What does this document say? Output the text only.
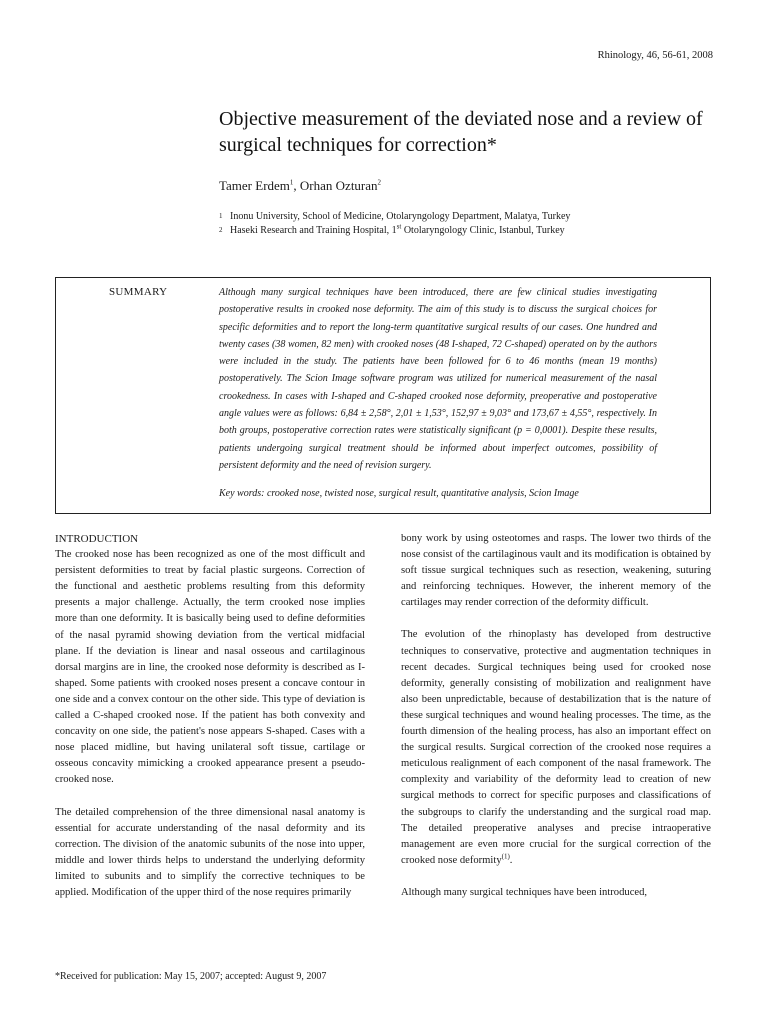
Rhinology, 46, 56-61, 2008
Objective measurement of the deviated nose and a review of surgical techniques for correction*
Tamer Erdem$^1$, Orhan Ozturan$^2$
1 Inonu University, School of Medicine, Otolaryngology Department, Malatya, Turkey
2 Haseki Research and Training Hospital, 1st Otolaryngology Clinic, Istanbul, Turkey
SUMMARY	Although many surgical techniques have been introduced, there are few clinical studies investigating postoperative results in crooked nose deformity. The aim of this study is to discuss the surgical choices for specific deformities and to report the long-term quantitative surgical results of our cases. One hundred and twenty cases (38 women, 82 men) with crooked noses (48 I-shaped, 72 C-shaped) operated on by the authors were included in the study. The patients have been followed for 6 to 46 months (mean 19 months) postoperatively. The Scion Image software program was utilized for numerical measurement of the nasal crookedness. In cases with I-shaped and C-shaped crooked nose deformity, preoperative and postoperative angle values were as follows: 6,84 ± 2,58°, 2,01 ± 1,53°, 152,97 ± 9,03° and 173,67 ± 4,55°, respectively. In both groups, postoperative correction rates were statistically significant (p = 0,0001). Despite these results, patients undergoing surgical treatment should be informed about imperfect outcomes, possibility of persistent deformity and the need of revision surgery.
Key words: crooked nose, twisted nose, surgical result, quantitative analysis, Scion Image
INTRODUCTION

The crooked nose has been recognized as one of the most difficult and persistent deformities to treat by facial plastic surgeons. Correction of the functional and aesthetic problems resulting from this deformity presents a major challenge. Actually, the term crooked nose implies more than one deformity. It is basically being used to define deformities of the nasal pyramid showing deviation from the vertical midfacial plane. If the deviation is linear and nasal osseous and cartilaginous dorsal margins are in line, the crooked nose deformity is described as I-shaped. Some patients with crooked noses present a concave contour in one side and a convex contour on the other side. This type of deviation is called a C-shaped crooked nose. If the patient has both convexity and concavity on one side, the patient's nose appears S-shaped. Cases with a nose placed midline, but having unilateral soft tissue, cartilage or osseous concavity mimicking a crooked appearance present a pseudo-crooked nose.

The detailed comprehension of the three dimensional nasal anatomy is essential for accurate understanding of the nasal deformity and its correction. The division of the anatomic subunits of the nose into upper, middle and lower thirds helps to understand the underlying deformity limited to subunits and to simplify the corrective techniques to be applied. Modification of the upper third of the nose requires primarily

bony work by using osteotomes and rasps. The lower two thirds of the nose consist of the cartilaginous vault and its modification is obtained by soft tissue surgical techniques such as resection, weakening, suturing and reinforcing techniques. However, the inherent memory of the cartilages may render correction of the deformity difficult.

The evolution of the rhinoplasty has developed from destructive techniques to conservative, protective and augmentation techniques in recent decades. Surgical techniques being used for crooked nose deformity, generally consisting of mobilization and realignment have also been unpredictable, because of destabilization that is the nature of these surgical techniques and wound healing processes. The time, as the fourth dimension of the healing process, has also an important effect on the surgical results. Surgical correction of the crooked nose requires a meticulous realignment of each component of the nasal framework. The complexity and variability of the deformity lead to creation of new surgical methods to correct for specific purposes and classifications of the subgroups to clarify the understanding and the surgical road map. The detailed preoperative analyses and precise intraoperative management are even more crucial for the surgical correction of the crooked nose deformity$^{(1)}$.

Although many surgical techniques have been introduced,

*Received for publication: May 15, 2007; accepted: August 9, 2007
